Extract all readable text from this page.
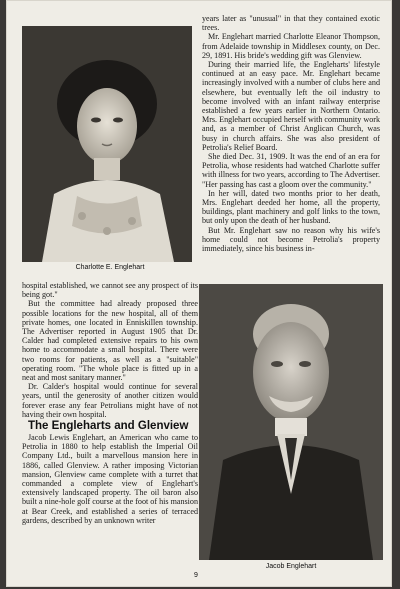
Charlotte E. Englehart

hospital established, we cannot see any prospect of its being got."

But the committee had already proposed three possible locations for the new hospital, all of them private homes, one located in Enniskillen township. The Advertiser reported in August 1905 that Dr. Calder had completed extensive repairs to his own home to accommodate a small hospital. There were two rooms for patients, as well as a "suitable" operating room. "The whole place is fitted up in a neat and most sanitary manner."

Dr. Calder's hospital would continue for several years, until the generosity of another citizen would forever erase any fear Petrolians might have of not having their own hospital.

The Engleharts and Glenview

Jacob Lewis Englehart, an American who came to Petrolia in 1880 to help establish the Imperial Oil Company Ltd., built a marvellous mansion here in 1886, called Glenview. A rather imposing Victorian mansion, Glenview came complete with a turret that commanded a complete view of Englehart's extensively landscaped property. The oil baron also built a nine-hole golf course at the foot of his mansion at Bear Creek, and established a series of terraced gardens, described by an unknown writer

years later as "unusual" in that they contained exotic trees.

Mr. Englehart married Charlotte Eleanor Thompson, from Adelaide township in Middlesex county, on Dec. 29, 1891. His bride's wedding gift was Glenview.

During their married life, the Engleharts' lifestyle continued at an easy pace. Mr. Englehart became increasingly involved with a number of clubs here and elsewhere, but eventually left the oil industry to become involved with an infant railway enterprise established a few years earlier in Northern Ontario. Mrs. Englehart occupied herself with community work and, as a member of Christ Anglican Church, was busy in church affairs. She was also president of Petrolia's Relief Board.

She died Dec. 31, 1909. It was the end of an era for Petrolia, whose residents had watched Charlotte suffer with illness for two years, according to The Advertiser. "Her passing has cast a gloom over the community."

In her will, dated two months prior to her death, Mrs. Englehart deeded her home, all the property, buildings, plant machinery and golf links to the town, but only upon the death of her husband.

But Mr. Englehart saw no reason why his wife's home could not become Petrolia's property immediately, since his business in-

Jacob Englehart
9
